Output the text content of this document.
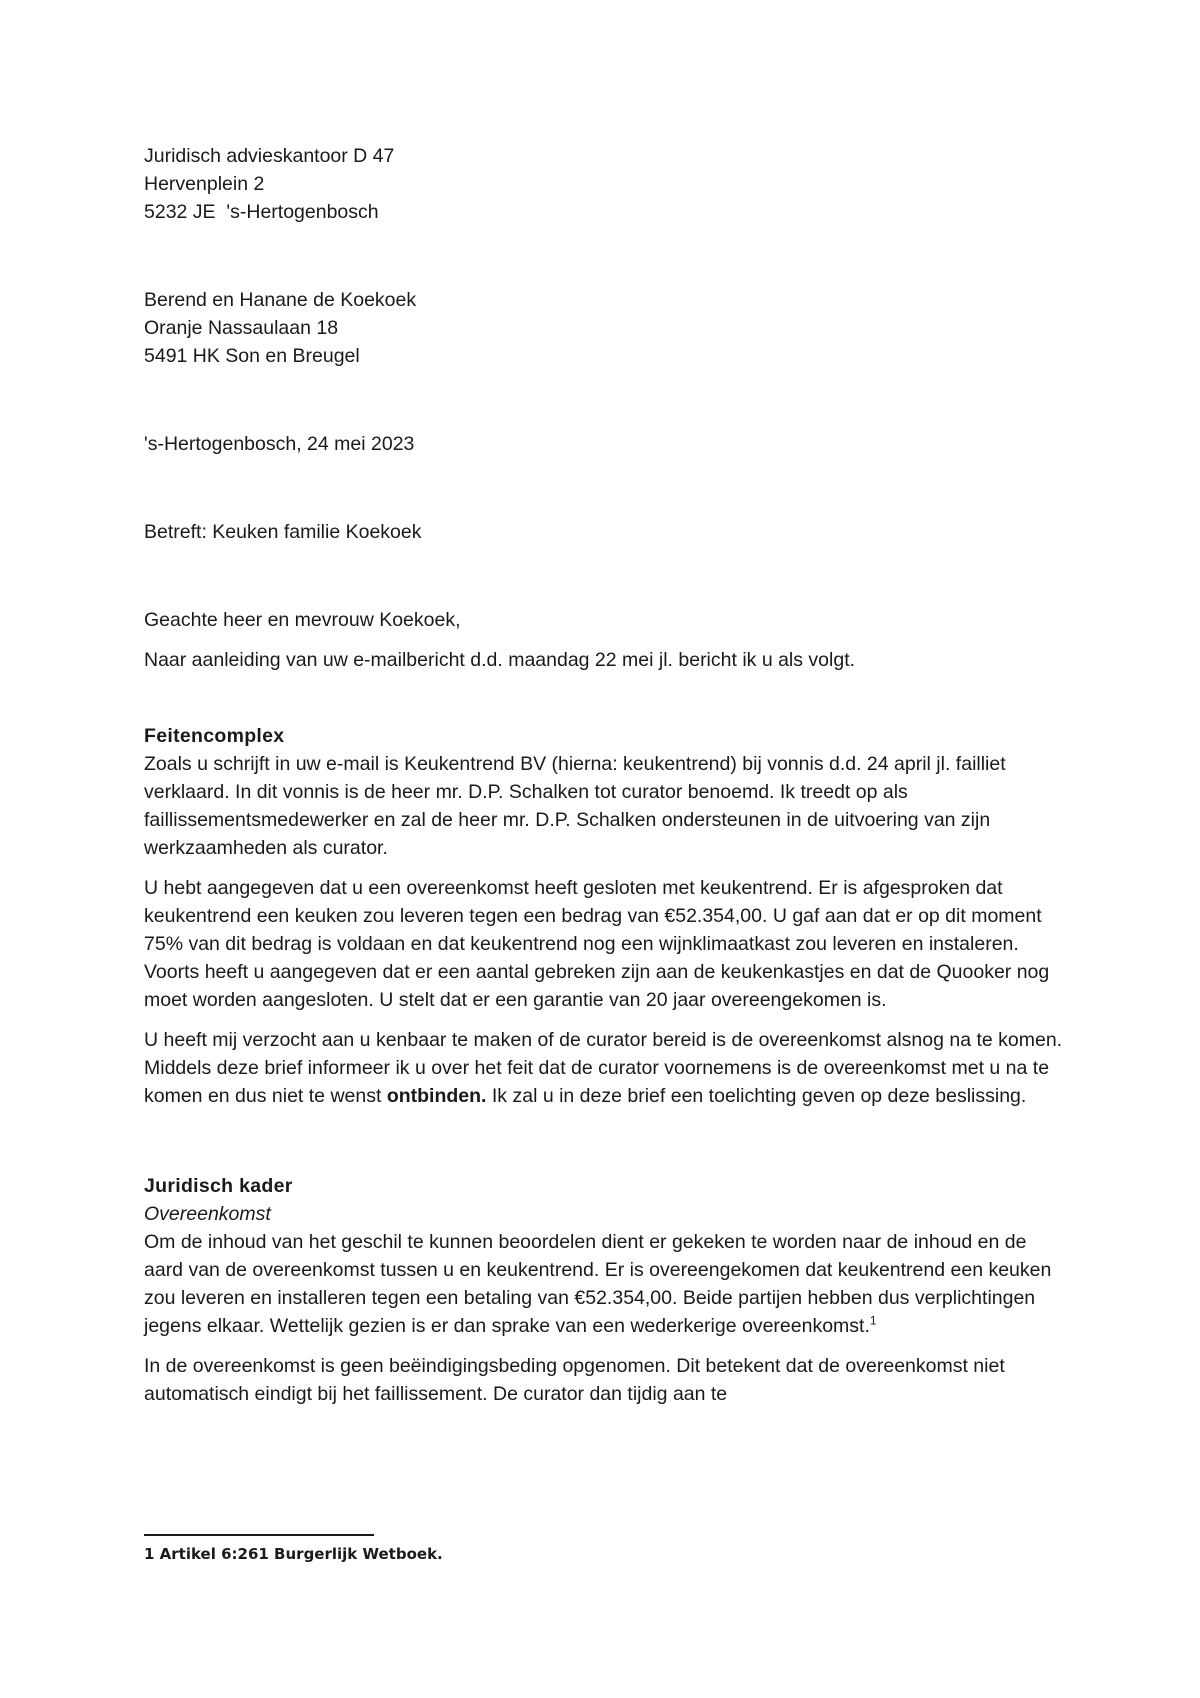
Juridisch advieskantoor D 47
Hervenplein 2
5232 JE  's-Hertogenbosch
Berend en Hanane de Koekoek
Oranje Nassaulaan 18
5491 HK Son en Breugel
's-Hertogenbosch, 24 mei 2023
Betreft: Keuken familie Koekoek

Geachte heer en mevrouw Koekoek,

Naar aanleiding van uw e-mailbericht d.d. maandag 22 mei jl. bericht ik u als volgt.

Feitencomplex

Zoals u schrijft in uw e-mail is Keukentrend BV (hierna: keukentrend) bij vonnis d.d. 24 april jl. failliet verklaard. In dit vonnis is de heer mr. D.P. Schalken tot curator benoemd. Ik treedt op als faillissementsmedewerker en zal de heer mr. D.P. Schalken ondersteunen in de uitvoering van zijn werkzaamheden als curator.

U hebt aangegeven dat u een overeenkomst heeft gesloten met keukentrend. Er is afgesproken dat keukentrend een keuken zou leveren tegen een bedrag van €52.354,00. U gaf aan dat er op dit moment 75% van dit bedrag is voldaan en dat keukentrend nog een wijnklimaatkast zou leveren en instaleren. Voorts heeft u aangegeven dat er een aantal gebreken zijn aan de keukenkastjes en dat de Quooker nog moet worden aangesloten. U stelt dat er een garantie van 20 jaar overeengekomen is.

U heeft mij verzocht aan u kenbaar te maken of de curator bereid is de overeenkomst alsnog na te komen. Middels deze brief informeer ik u over het feit dat de curator voornemens is de overeenkomst met u na te komen en dus niet te wenst ontbinden. Ik zal u in deze brief een toelichting geven op deze beslissing.

Juridisch kader
Overeenkomst

Om de inhoud van het geschil te kunnen beoordelen dient er gekeken te worden naar de inhoud en de aard van de overeenkomst tussen u en keukentrend. Er is overeengekomen dat keukentrend een keuken zou leveren en installeren tegen een betaling van €52.354,00. Beide partijen hebben dus verplichtingen jegens elkaar. Wettelijk gezien is er dan sprake van een wederkerige overeenkomst.$^1$

In de overeenkomst is geen beëindigingsbeding opgenomen. Dit betekent dat de overeenkomst niet automatisch eindigt bij het faillissement. De curator dan tijdig aan te

1 Artikel 6:261 Burgerlijk Wetboek.
